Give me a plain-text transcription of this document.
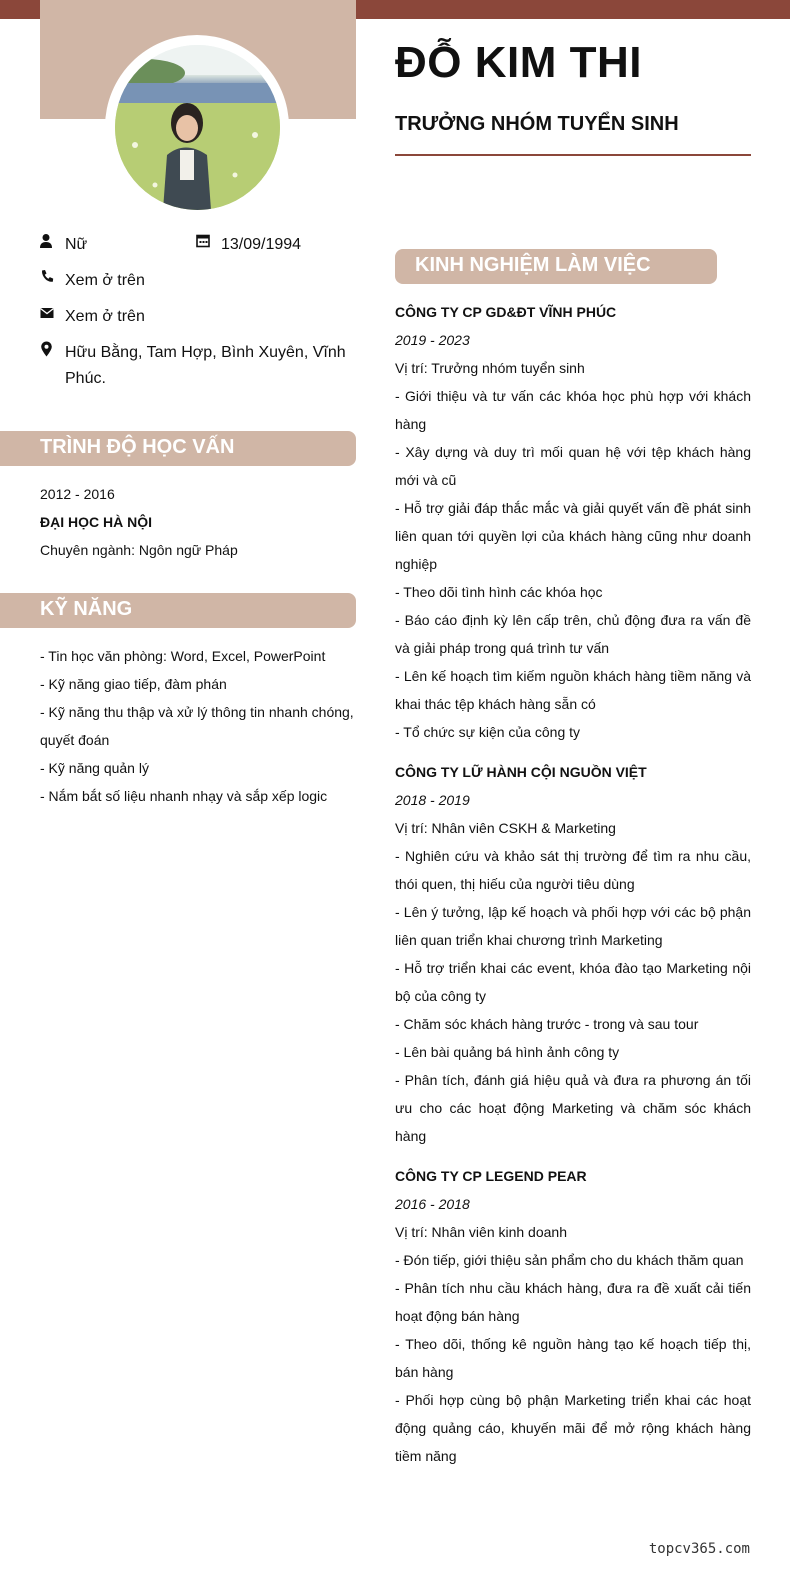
ĐỖ KIM THI
TRƯỞNG NHÓM TUYỂN SINH
Nữ	13/09/1994
Xem ở trên
Xem ở trên
Hữu Bằng, Tam Hợp, Bình Xuyên, Vĩnh Phúc.
TRÌNH ĐỘ HỌC VẤN

2012 - 2016

ĐẠI HỌC HÀ NỘI

Chuyên ngành: Ngôn ngữ Pháp

KỸ NĂNG

- Tin học văn phòng: Word, Excel, PowerPoint

- Kỹ năng giao tiếp, đàm phán

- Kỹ năng thu thập và xử lý thông tin nhanh chóng, quyết đoán

- Kỹ năng quản lý

- Nắm bắt số liệu nhanh nhạy và sắp xếp logic

KINH NGHIỆM LÀM VIỆC

CÔNG TY CP GD&ĐT VĨNH PHÚC

2019 - 2023

Vị trí: Trưởng nhóm tuyển sinh

- Giới thiệu và tư vấn các khóa học phù hợp với khách hàng

- Xây dựng và duy trì mối quan hệ với tệp khách hàng mới và cũ

- Hỗ trợ giải đáp thắc mắc và giải quyết vấn đề phát sinh liên quan tới quyền lợi của khách hàng cũng như doanh nghiệp

- Theo dõi tình hình các khóa học

- Báo cáo định kỳ lên cấp trên, chủ động đưa ra vấn đề và giải pháp trong quá trình tư vấn

- Lên kế hoạch tìm kiếm nguồn khách hàng tiềm năng và khai thác tệp khách hàng sẵn có

- Tổ chức sự kiện của công ty

CÔNG TY LỮ HÀNH CỘI NGUỒN VIỆT

2018 - 2019

Vị trí: Nhân viên CSKH & Marketing

- Nghiên cứu và khảo sát thị trường để tìm ra nhu cầu, thói quen, thị hiếu của người tiêu dùng

- Lên ý tưởng, lập kế hoạch và phối hợp với các bộ phận liên quan triển khai chương trình Marketing

- Hỗ trợ triển khai các event, khóa đào tạo Marketing nội bộ của công ty

- Chăm sóc khách hàng trước - trong và sau tour

- Lên bài quảng bá hình ảnh công ty

- Phân tích, đánh giá hiệu quả và đưa ra phương án tối ưu cho các hoạt động Marketing và chăm sóc khách hàng

CÔNG TY CP LEGEND PEAR

2016 - 2018

Vị trí: Nhân viên kinh doanh

- Đón tiếp, giới thiệu sản phẩm cho du khách thăm quan

- Phân tích nhu cầu khách hàng, đưa ra đề xuất cải tiến hoạt động bán hàng

- Theo dõi, thống kê nguồn hàng tạo kế hoạch tiếp thị, bán hàng

- Phối hợp cùng bộ phận Marketing triển khai các hoạt động quảng cáo, khuyến mãi để mở rộng khách hàng tiềm năng

topcv365.com
